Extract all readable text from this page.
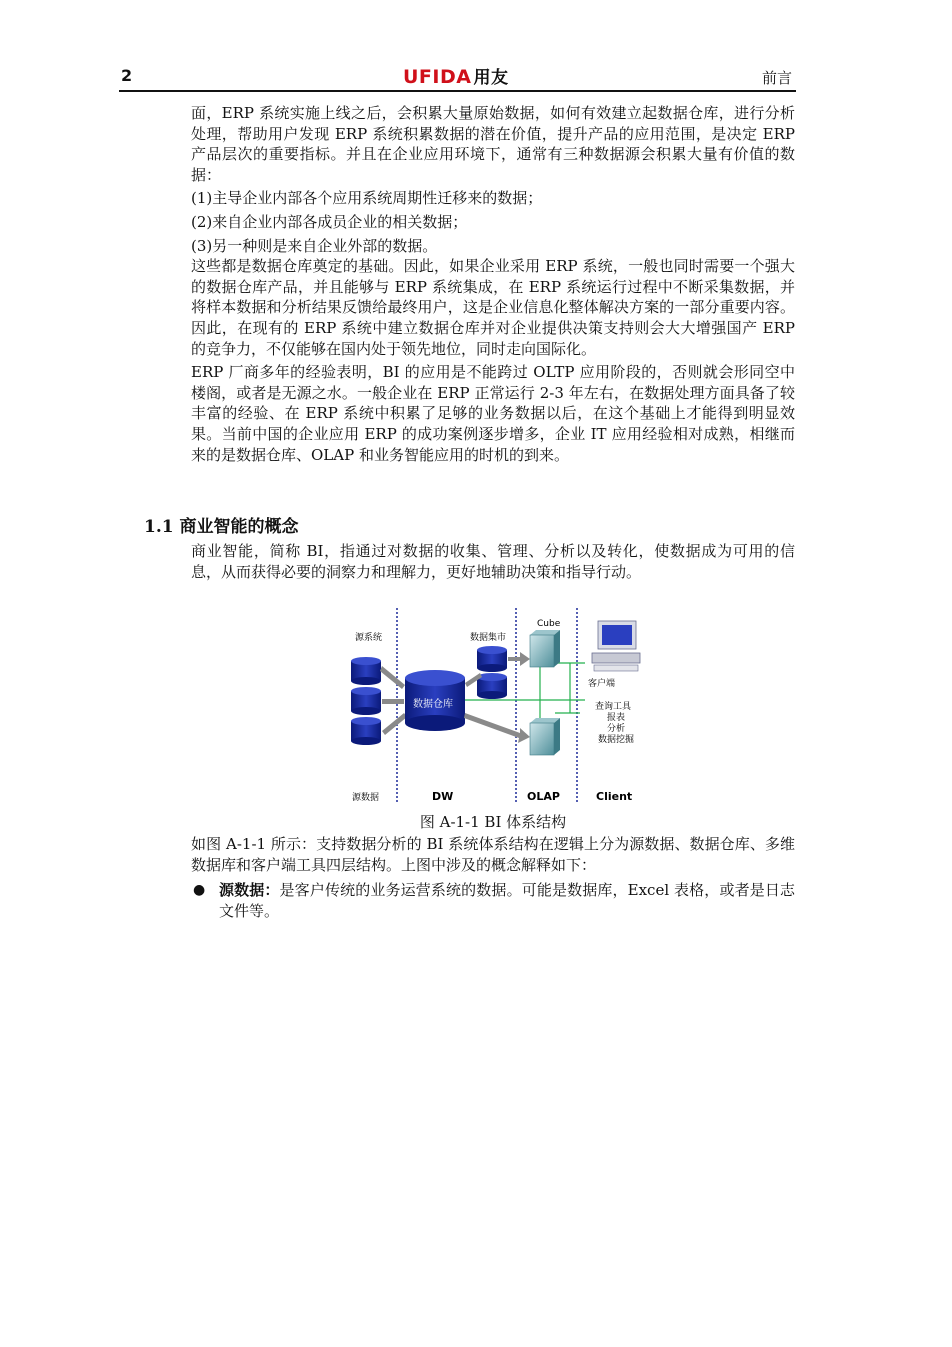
2	UFIDA 用友	前言

面，ERP 系统实施上线之后，会积累大量原始数据，如何有效建立起数据仓库，进行分析处理，帮助用户发现 ERP 系统积累数据的潜在价值，提升产品的应用范围，是决定 ERP 产品层次的重要指标。并且在企业应用环境下，通常有三种数据源会积累大量有价值的数据：

(1)主导企业内部各个应用系统周期性迁移来的数据；

(2)来自企业内部各成员企业的相关数据；

(3)另一种则是来自企业外部的数据。

这些都是数据仓库奠定的基础。因此，如果企业采用 ERP 系统，一般也同时需要一个强大的数据仓库产品，并且能够与 ERP 系统集成，在 ERP 系统运行过程中不断采集数据，并将样本数据和分析结果反馈给最终用户，这是企业信息化整体解决方案的一部分重要内容。因此，在现有的 ERP 系统中建立数据仓库并对企业提供决策支持则会大大增强国产 ERP 的竞争力，不仅能够在国内处于领先地位，同时走向国际化。

ERP 厂商多年的经验表明，BI 的应用是不能跨过 OLTP 应用阶段的，否则就会形同空中楼阁，或者是无源之水。一般企业在 ERP 正常运行 2-3 年左右，在数据处理方面具备了较丰富的经验、在 ERP 系统中积累了足够的业务数据以后，在这个基础上才能得到明显效果。当前中国的企业应用 ERP 的成功案例逐步增多，企业 IT 应用经验相对成熟，相继而来的是数据仓库、OLAP 和业务智能应用的时机的到来。

1.1 商业智能的概念

商业智能，简称 BI，指通过对数据的收集、管理、分析以及转化，使数据成为可用的信息，从而获得必要的洞察力和理解力，更好地辅助决策和指导行动。

源系统	数据集市
Cube
数据仓库
客户端
查询工具
报表
分析
数据挖掘
源数据	DW	OLAP	Client
图 A-1-1 BI 体系结构

如图 A-1-1 所示：支持数据分析的 BI 系统体系结构在逻辑上分为源数据、数据仓库、多维数据库和客户端工具四层结构。上图中涉及的概念解释如下：

● 源数据：是客户传统的业务运营系统的数据。可能是数据库，Excel 表格，或者是日志文件等。
